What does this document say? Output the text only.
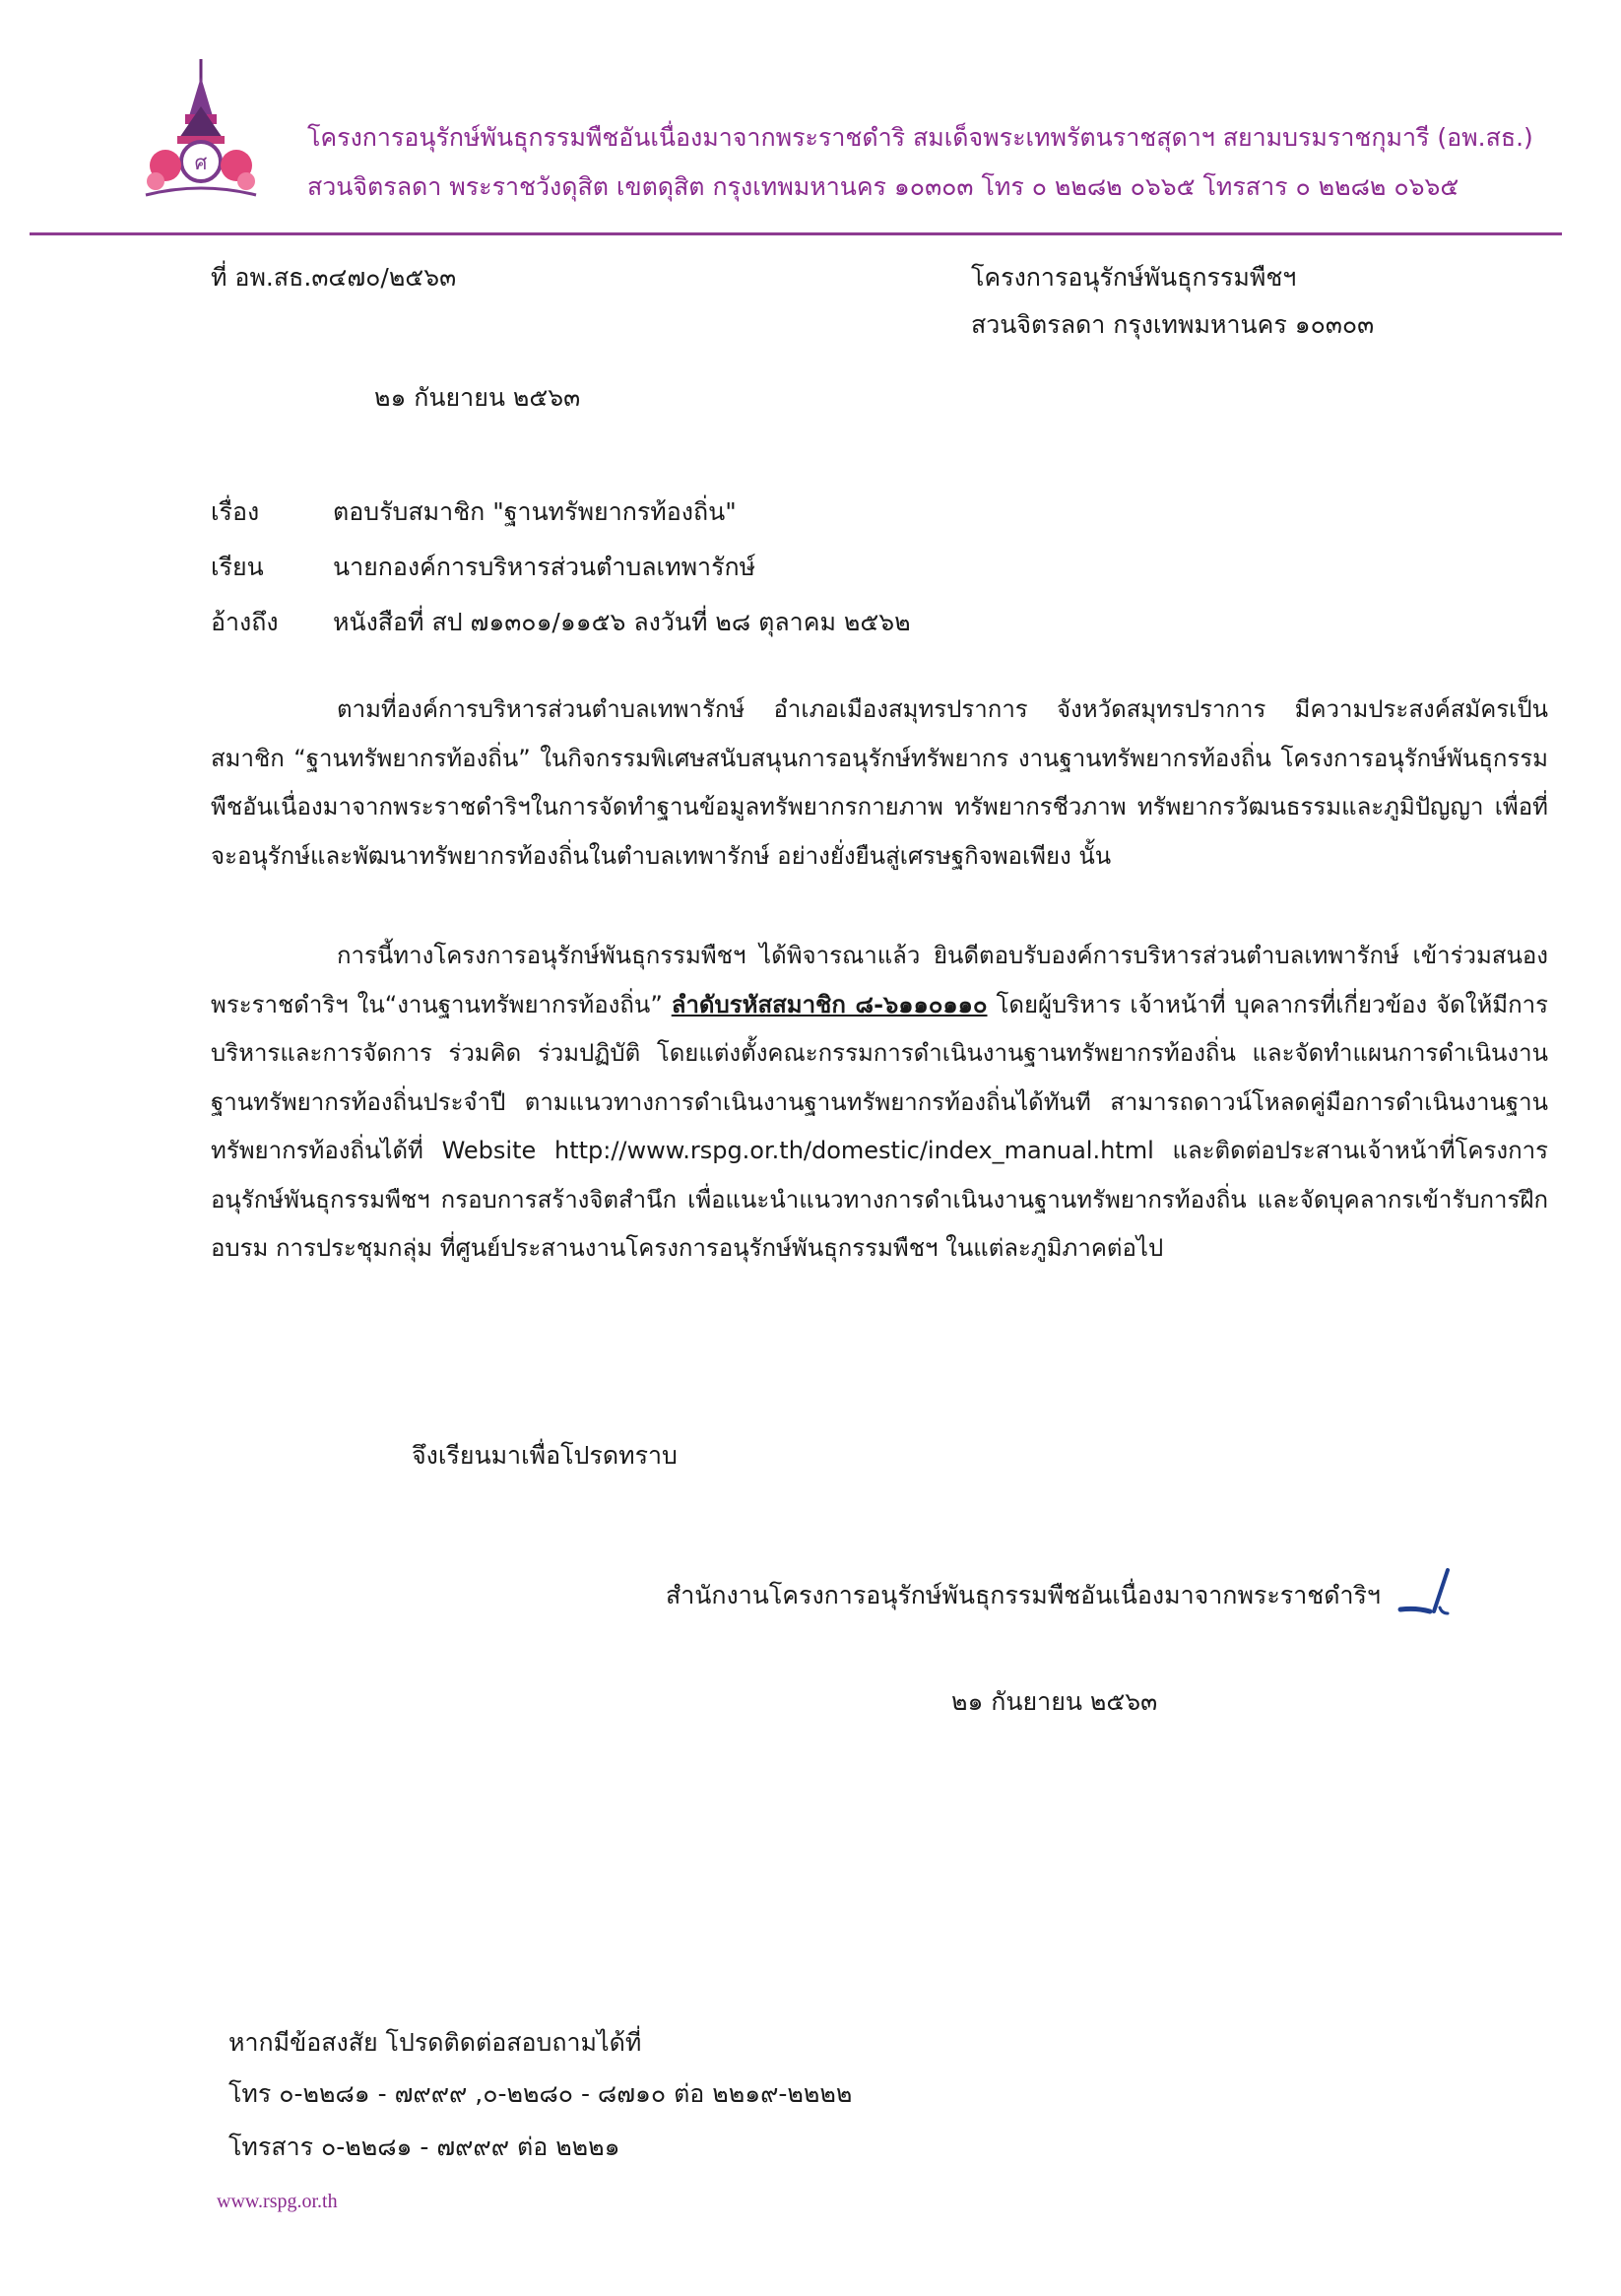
ศ
โครงการอนุรักษ์พันธุกรรมพืชอันเนื่องมาจากพระราชดำริ สมเด็จพระเทพรัตนราชสุดาฯ สยามบรมราชกุมารี (อพ.สธ.)
สวนจิตรลดา พระราชวังดุสิต เขตดุสิต กรุงเทพมหานคร ๑๐๓๐๓ โทร ๐ ๒๒๘๒ ๐๖๖๕ โทรสาร ๐ ๒๒๘๒ ๐๖๖๕
ที่ อพ.สธ.๓๔๗๐/๒๕๖๓	โครงการอนุรักษ์พันธุกรรมพืชฯ
สวนจิตรลดา กรุงเทพมหานคร ๑๐๓๐๓
๒๑ กันยายน ๒๕๖๓
เรื่อง	ตอบรับสมาชิก "ฐานทรัพยากรท้องถิ่น"
เรียน	นายกองค์การบริหารส่วนตำบลเทพารักษ์
อ้างถึง หนังสือที่ สป ๗๑๓๐๑/๑๑๕๖ ลงวันที่ ๒๘ ตุลาคม ๒๕๖๒
ตามที่องค์การบริหารส่วนตำบลเทพารักษ์ อำเภอเมืองสมุทรปราการ จังหวัดสมุทรปราการ มีความประสงค์สมัครเป็นสมาชิก “ฐานทรัพยากรท้องถิ่น” ในกิจกรรมพิเศษสนับสนุนการอนุรักษ์ทรัพยากร งานฐานทรัพยากรท้องถิ่น โครงการอนุรักษ์พันธุกรรมพืชอันเนื่องมาจากพระราชดำริฯในการจัดทำฐานข้อมูลทรัพยากรกายภาพ ทรัพยากรชีวภาพ ทรัพยากรวัฒนธรรมและภูมิปัญญา เพื่อที่จะอนุรักษ์และพัฒนาทรัพยากรท้องถิ่นในตำบลเทพารักษ์ อย่างยั่งยืนสู่เศรษฐกิจพอเพียง นั้น
การนี้ทางโครงการอนุรักษ์พันธุกรรมพืชฯ ได้พิจารณาแล้ว ยินดีตอบรับองค์การบริหารส่วนตำบลเทพารักษ์ เข้าร่วมสนองพระราชดำริฯ ใน“งานฐานทรัพยากรท้องถิ่น” ลำดับรหัสสมาชิก ๘-๖๑๑๐๑๑๐ โดยผู้บริหาร เจ้าหน้าที่ บุคลากรที่เกี่ยวข้อง จัดให้มีการบริหารและการจัดการ ร่วมคิด ร่วมปฏิบัติ โดยแต่งตั้งคณะกรรมการดำเนินงานฐานทรัพยากรท้องถิ่น และจัดทำแผนการดำเนินงานฐานทรัพยากรท้องถิ่นประจำปี ตามแนวทางการดำเนินงานฐานทรัพยากรท้องถิ่นได้ทันที สามารถดาวน์โหลดคู่มือการดำเนินงานฐานทรัพยากรท้องถิ่นได้ที่ Website http://www.rspg.or.th/domestic/index_manual.html และติดต่อประสานเจ้าหน้าที่โครงการอนุรักษ์พันธุกรรมพืชฯ กรอบการสร้างจิตสำนึก เพื่อแนะนำแนวทางการดำเนินงานฐานทรัพยากรท้องถิ่น และจัดบุคลากรเข้ารับการฝึกอบรม การประชุมกลุ่ม ที่ศูนย์ประสานงานโครงการอนุรักษ์พันธุกรรมพืชฯ ในแต่ละภูมิภาคต่อไป
จึงเรียนมาเพื่อโปรดทราบ
สำนักงานโครงการอนุรักษ์พันธุกรรมพืชอันเนื่องมาจากพระราชดำริฯ
๒๑ กันยายน ๒๕๖๓
หากมีข้อสงสัย โปรดติดต่อสอบถามได้ที่
โทร ๐-๒๒๘๑ - ๗๙๙๙ ,๐-๒๒๘๐ - ๘๗๑๐ ต่อ ๒๒๑๙-๒๒๒๒
โทรสาร ๐-๒๒๘๑ - ๗๙๙๙ ต่อ ๒๒๒๑
www.rspg.or.th
